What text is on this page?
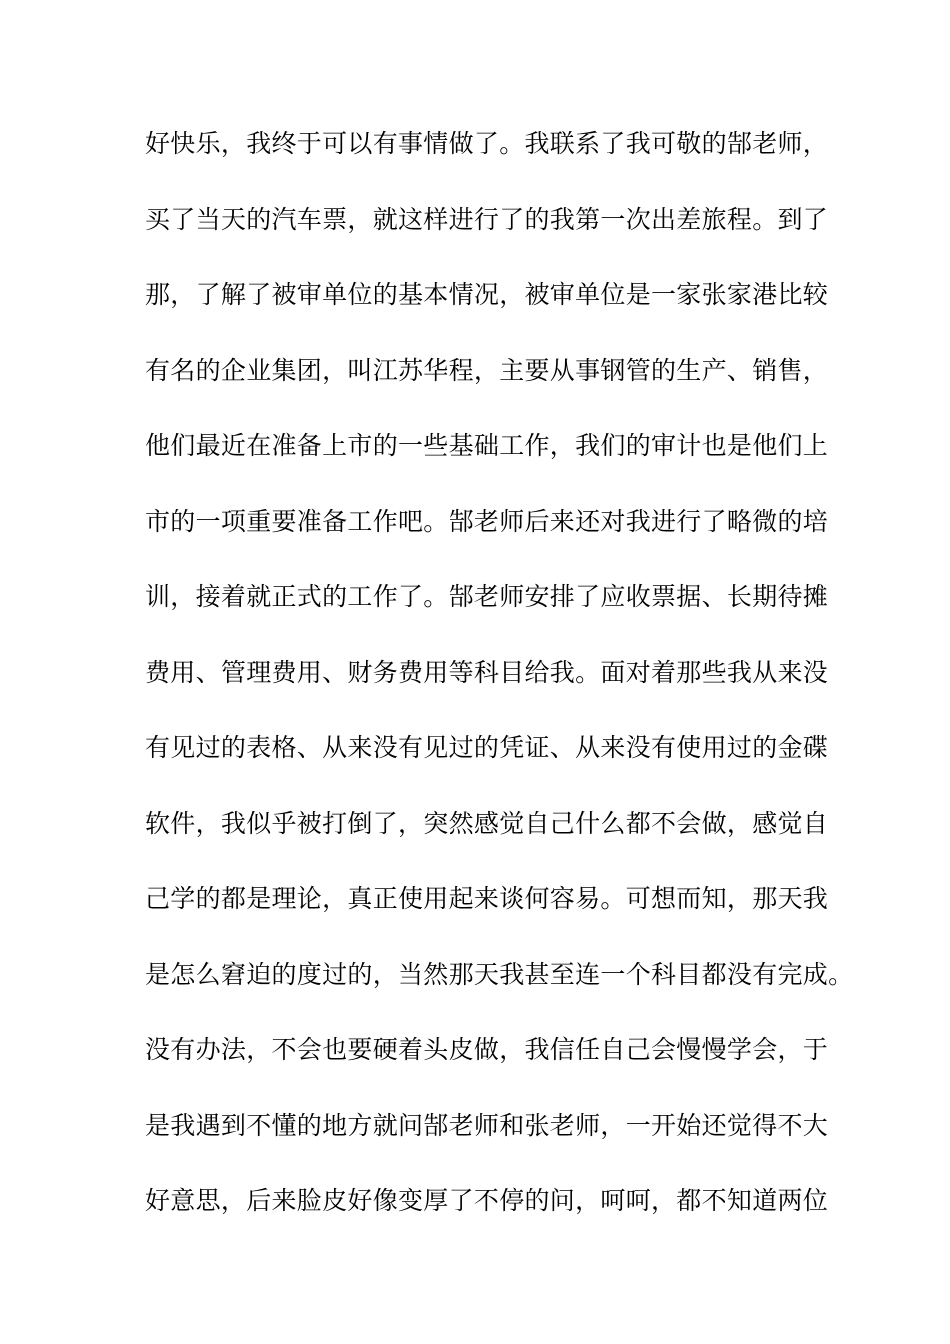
好快乐，我终于可以有事情做了。我联系了我可敬的郜老师，
买了当天的汽车票，就这样进行了的我第一次出差旅程。到了
那，了解了被审单位的基本情况，被审单位是一家张家港比较
有名的企业集团，叫江苏华程，主要从事钢管的生产、销售，
他们最近在准备上市的一些基础工作，我们的审计也是他们上
市的一项重要准备工作吧。郜老师后来还对我进行了略微的培
训，接着就正式的工作了。郜老师安排了应收票据、长期待摊
费用、管理费用、财务费用等科目给我。面对着那些我从来没
有见过的表格、从来没有见过的凭证、从来没有使用过的金碟
软件，我似乎被打倒了，突然感觉自己什么都不会做，感觉自
己学的都是理论，真正使用起来谈何容易。可想而知，那天我
是怎么窘迫的度过的，当然那天我甚至连一个科目都没有完成。
没有办法，不会也要硬着头皮做，我信任自己会慢慢学会，于
是我遇到不懂的地方就问郜老师和张老师，一开始还觉得不大
好意思，后来脸皮好像变厚了不停的问，呵呵，都不知道两位
